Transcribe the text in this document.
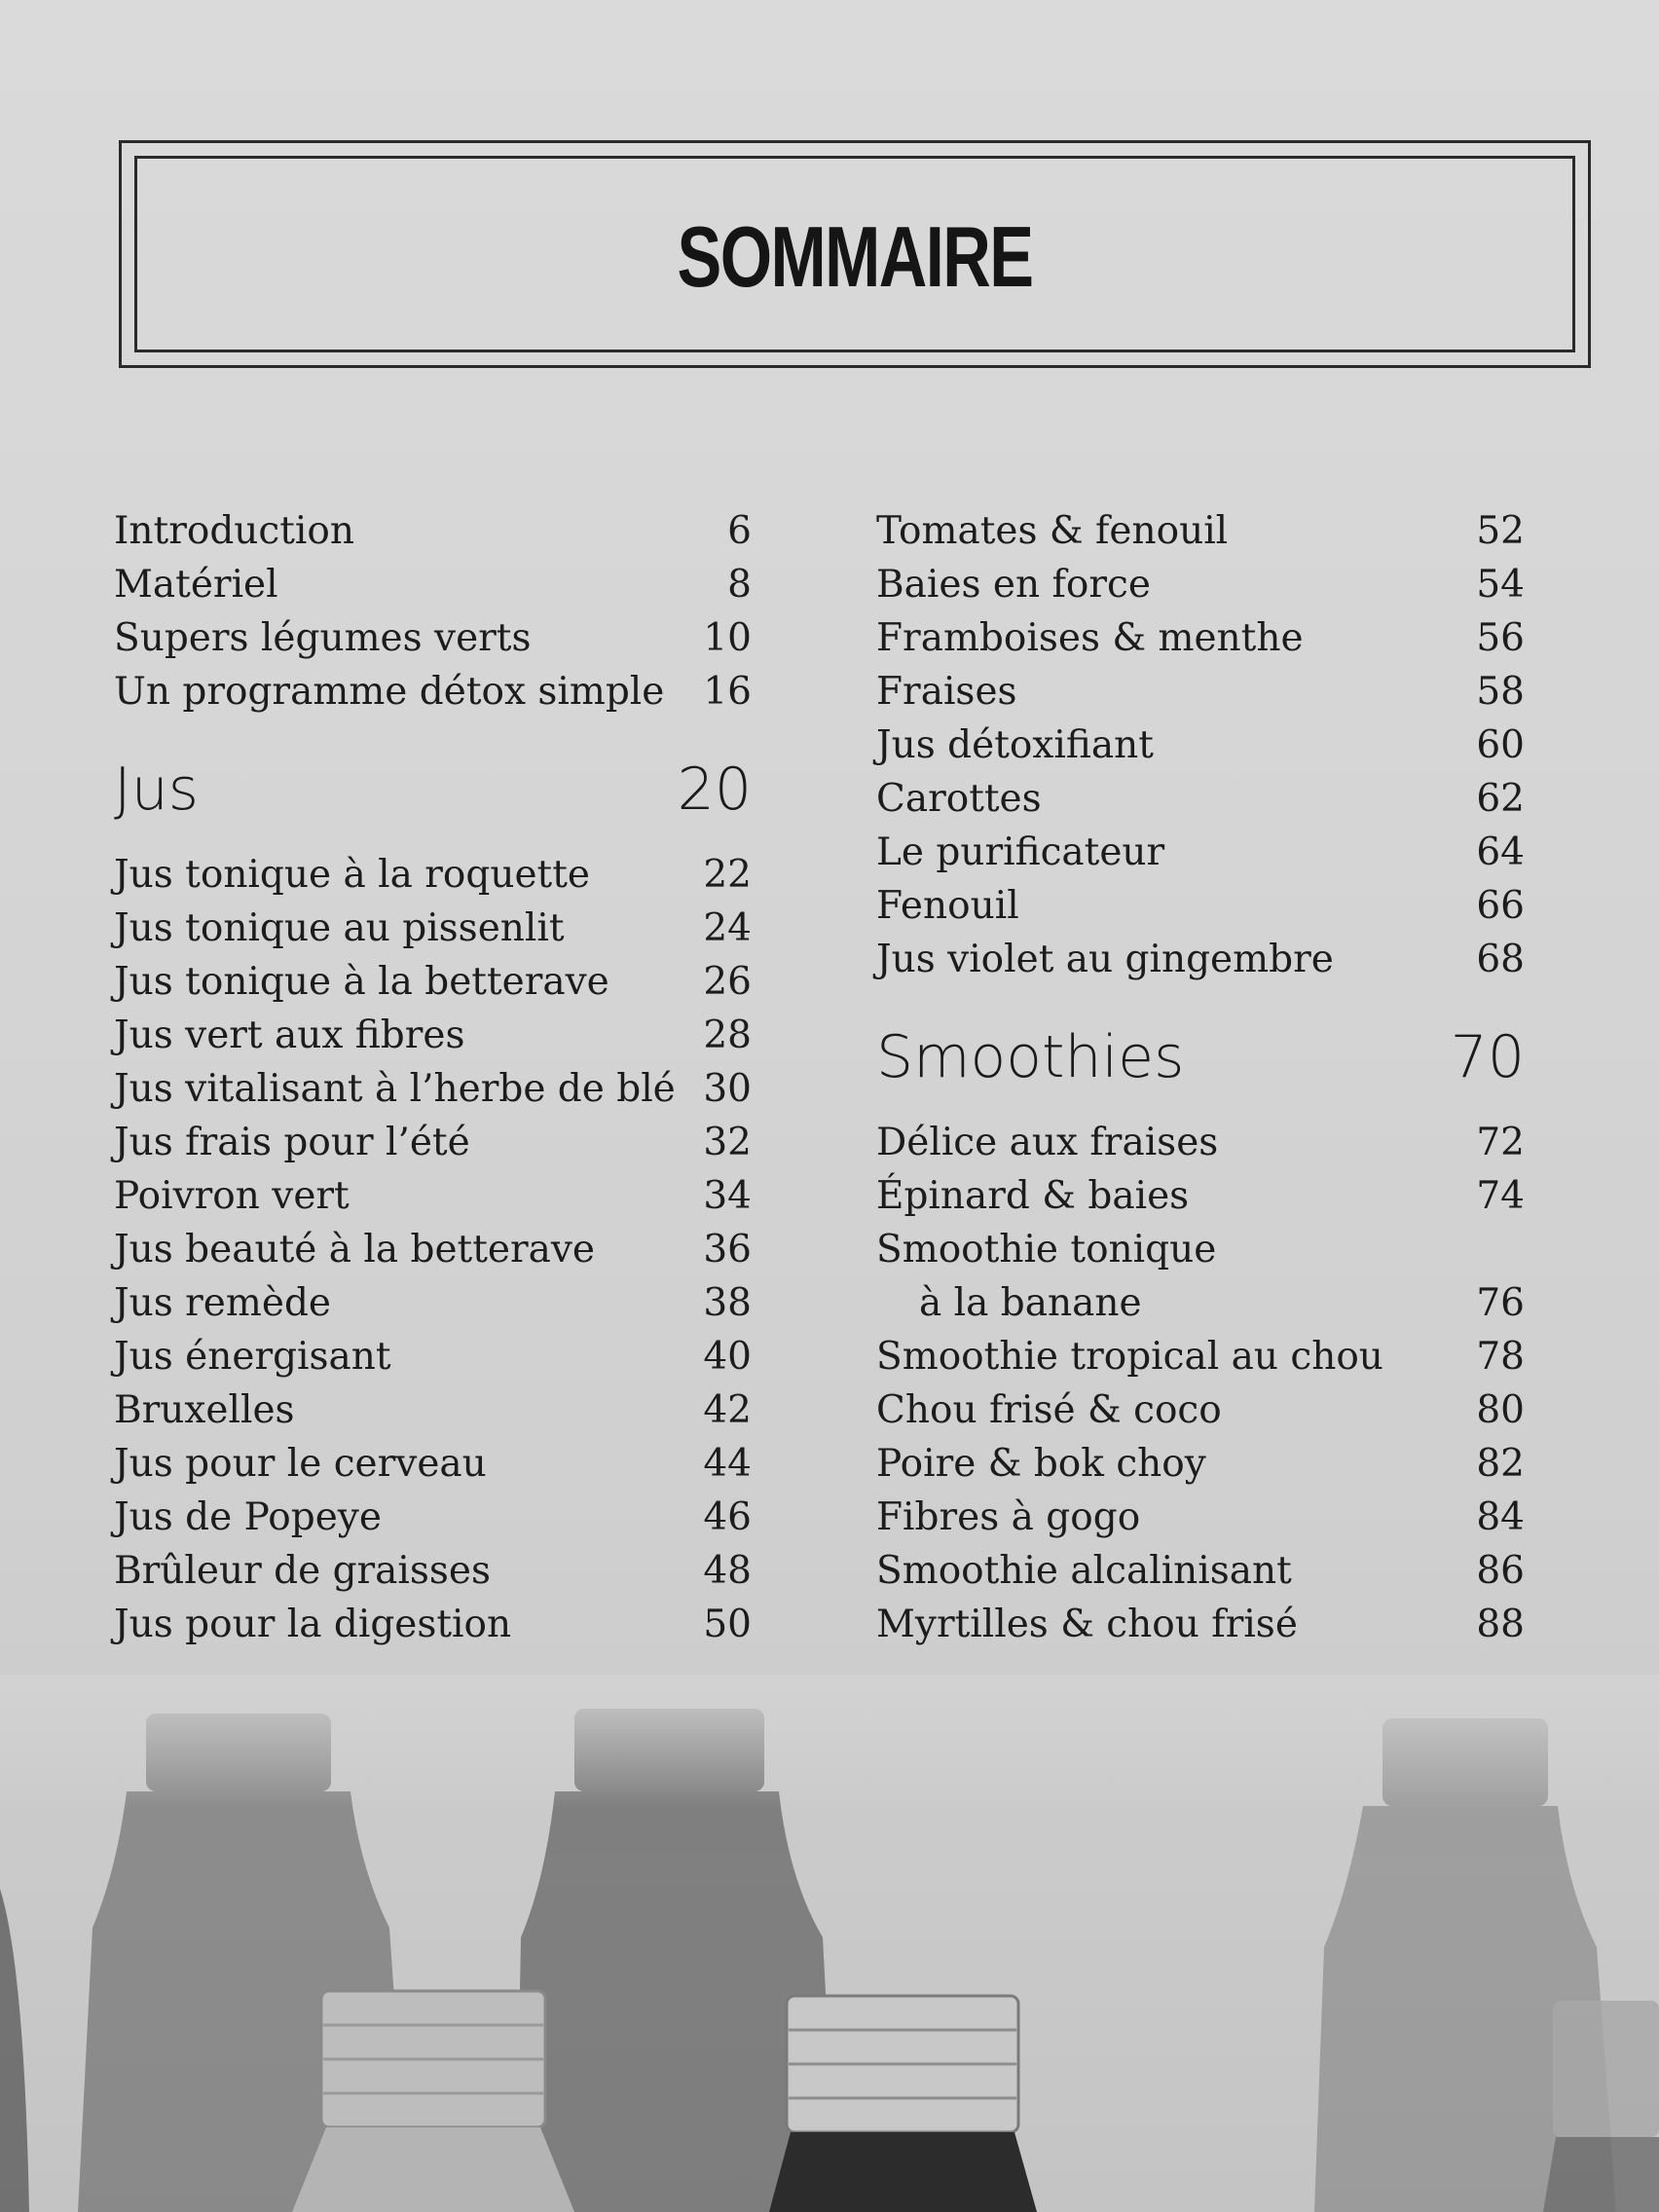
SOMMAIRE
Introduction	6
Matériel	8
Supers légumes verts	10
Un programme détox simple 16
Jus	20
Jus tonique à la roquette	22
Jus tonique au pissenlit	24
Jus tonique à la betterave 26
Jus vert aux fibres	28
Jus vitalisant à l’herbe de blé 30
Jus frais pour l’été	32
Poivron vert	34
Jus beauté à la betterave	36
Jus remède	38
Jus énergisant	40
Bruxelles	42
Jus pour le cerveau	44
Jus de Popeye	46
Brûleur de graisses	48
Jus pour la digestion	50
Tomates & fenouil	52
Baies en force	54
Framboises & menthe	56
Fraises	58
Jus détoxifiant	60
Carottes	62
Le purificateur	64
Fenouil	66
Jus violet au gingembre	68
Smoothies	70
Délice aux fraises	72
Épinard & baies	74
Smoothie tonique
à la banane	76
Smoothie tropical au chou 78
Chou frisé & coco	80
Poire & bok choy	82
Fibres à gogo	84
Smoothie alcalinisant	86
Myrtilles & chou frisé	88
